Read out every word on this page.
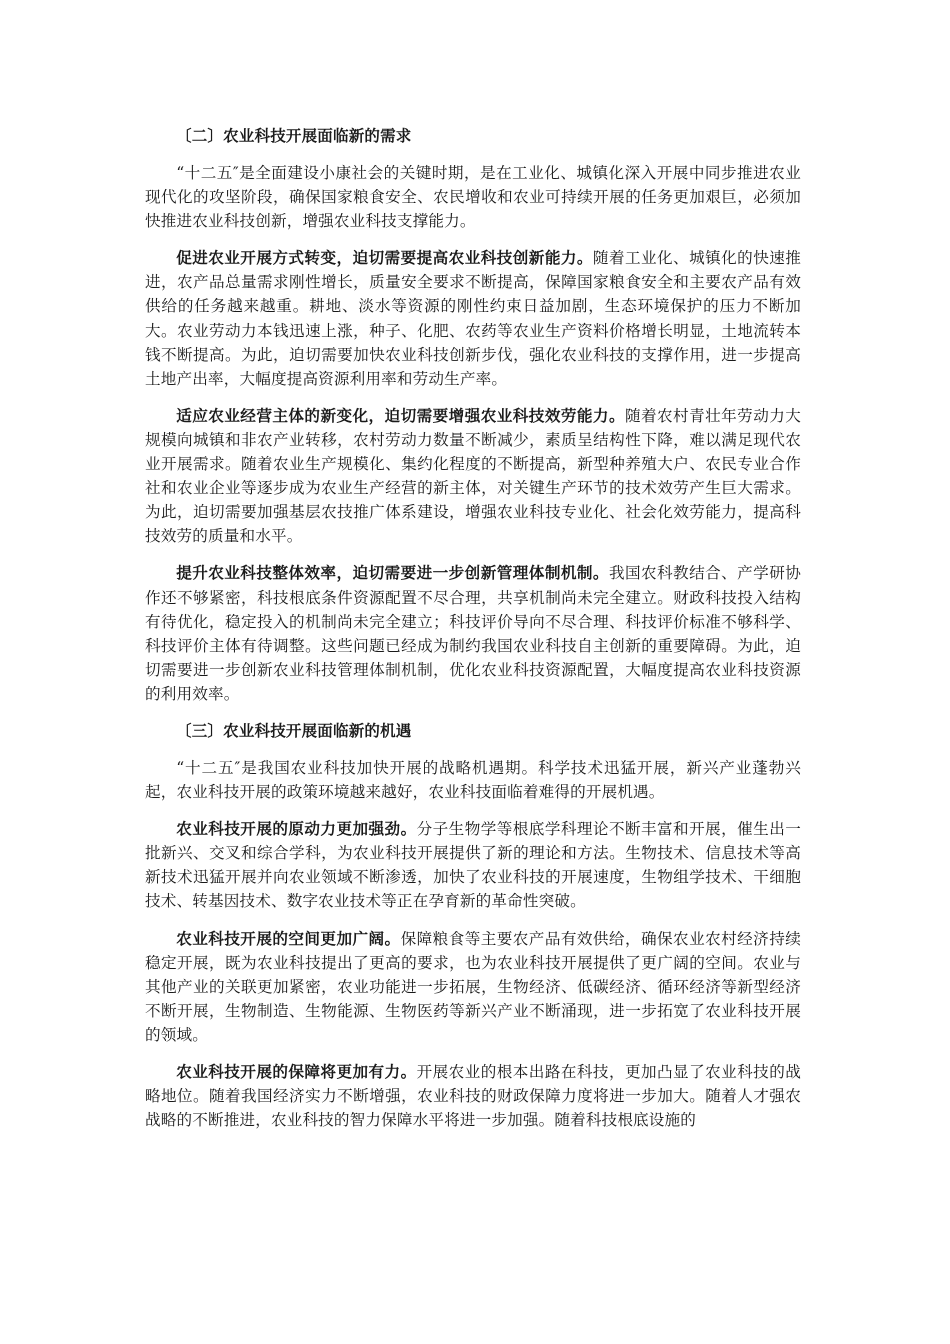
〔二〕农业科技开展面临新的需求

“十二五″是全面建设小康社会的关键时期，是在工业化、城镇化深入开展中同步推进农业现代化的攻坚阶段，确保国家粮食安全、农民增收和农业可持续开展的任务更加艰巨，必须加快推进农业科技创新，增强农业科技支撑能力。

促进农业开展方式转变，迫切需要提高农业科技创新能力。随着工业化、城镇化的快速推进，农产品总量需求刚性增长，质量安全要求不断提高，保障国家粮食安全和主要农产品有效供给的任务越来越重。耕地、淡水等资源的刚性约束日益加剧，生态环境保护的压力不断加大。农业劳动力本钱迅速上涨，种子、化肥、农药等农业生产资料价格增长明显，土地流转本钱不断提高。为此，迫切需要加快农业科技创新步伐，强化农业科技的支撑作用，进一步提高土地产出率，大幅度提高资源利用率和劳动生产率。

适应农业经营主体的新变化，迫切需要增强农业科技效劳能力。随着农村青壮年劳动力大规模向城镇和非农产业转移，农村劳动力数量不断减少，素质呈结构性下降，难以满足现代农业开展需求。随着农业生产规模化、集约化程度的不断提高，新型种养殖大户、农民专业合作社和农业企业等逐步成为农业生产经营的新主体，对关键生产环节的技术效劳产生巨大需求。为此，迫切需要加强基层农技推广体系建设，增强农业科技专业化、社会化效劳能力，提高科技效劳的质量和水平。

提升农业科技整体效率，迫切需要进一步创新管理体制机制。我国农科教结合、产学研协作还不够紧密，科技根底条件资源配置不尽合理，共享机制尚未完全建立。财政科技投入结构有待优化，稳定投入的机制尚未完全建立；科技评价导向不尽合理、科技评价标准不够科学、科技评价主体有待调整。这些问题已经成为制约我国农业科技自主创新的重要障碍。为此，迫切需要进一步创新农业科技管理体制机制，优化农业科技资源配置，大幅度提高农业科技资源的利用效率。

〔三〕农业科技开展面临新的机遇

“十二五″是我国农业科技加快开展的战略机遇期。科学技术迅猛开展，新兴产业蓬勃兴起，农业科技开展的政策环境越来越好，农业科技面临着难得的开展机遇。

农业科技开展的原动力更加强劲。分子生物学等根底学科理论不断丰富和开展，催生出一批新兴、交叉和综合学科，为农业科技开展提供了新的理论和方法。生物技术、信息技术等高新技术迅猛开展并向农业领域不断渗透，加快了农业科技的开展速度，生物组学技术、干细胞技术、转基因技术、数字农业技术等正在孕育新的革命性突破。

农业科技开展的空间更加广阔。保障粮食等主要农产品有效供给，确保农业农村经济持续稳定开展，既为农业科技提出了更高的要求，也为农业科技开展提供了更广阔的空间。农业与其他产业的关联更加紧密，农业功能进一步拓展，生物经济、低碳经济、循环经济等新型经济不断开展，生物制造、生物能源、生物医药等新兴产业不断涌现，进一步拓宽了农业科技开展的领域。

农业科技开展的保障将更加有力。开展农业的根本出路在科技，更加凸显了农业科技的战略地位。随着我国经济实力不断增强，农业科技的财政保障力度将进一步加大。随着人才强农战略的不断推进，农业科技的智力保障水平将进一步加强。随着科技根底设施的
